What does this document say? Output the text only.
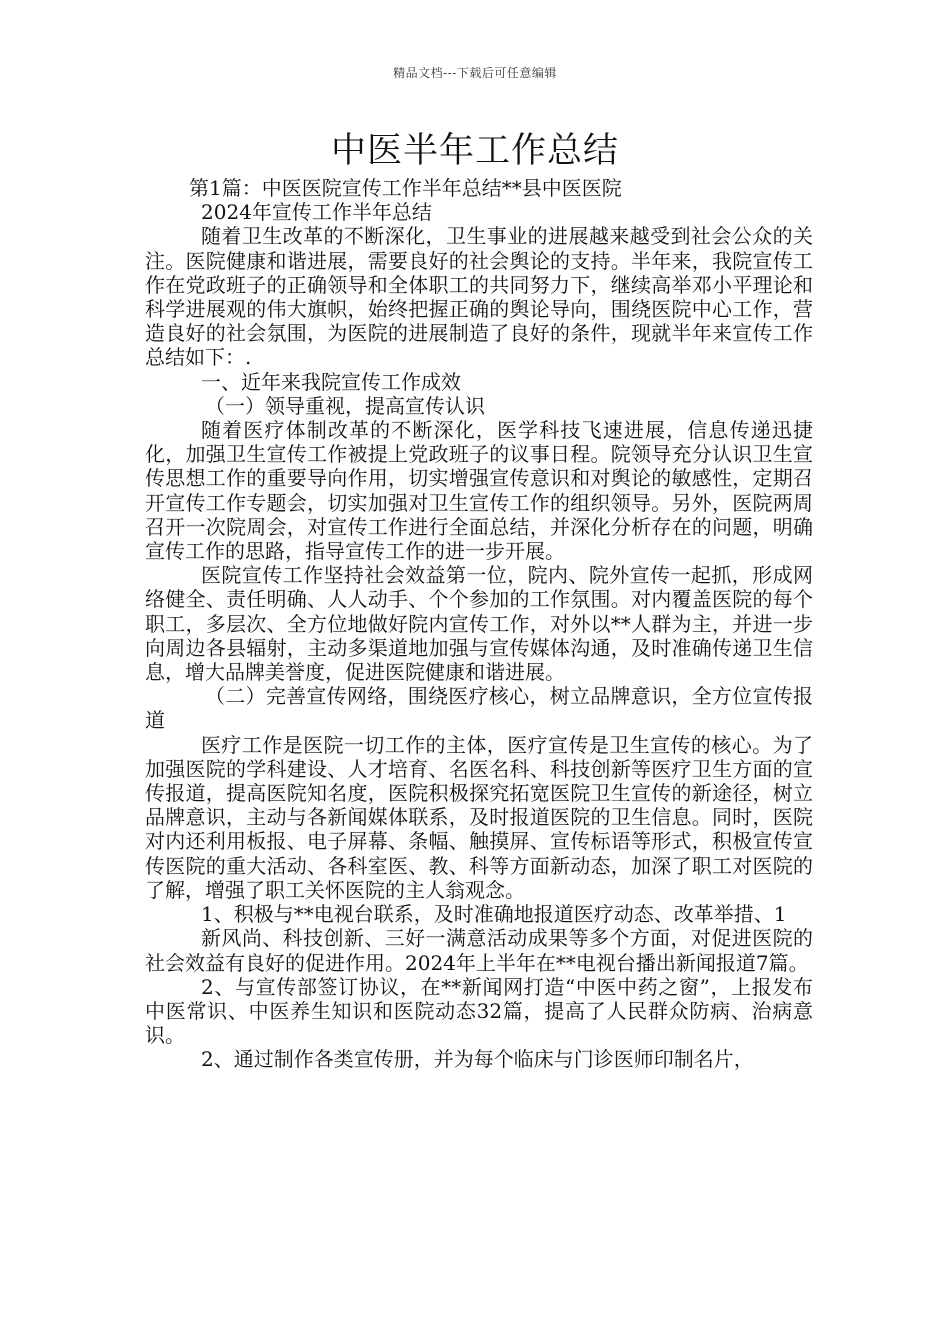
精品文档---下载后可任意编辑
中医半年工作总结

第1篇：中医医院宣传工作半年总结**县中医医院

2024年宣传工作半年总结

随着卫生改革的不断深化，卫生事业的进展越来越受到社会公众的关注。医院健康和谐进展，需要良好的社会舆论的支持。半年来，我院宣传工作在党政班子的正确领导和全体职工的共同努力下，继续高举邓小平理论和科学进展观的伟大旗帜，始终把握正确的舆论导向，围绕医院中心工作，营造良好的社会氛围，为医院的进展制造了良好的条件，现就半年来宣传工作总结如下：.

一、近年来我院宣传工作成效

（一）领导重视，提高宣传认识

随着医疗体制改革的不断深化，医学科技飞速进展，信息传递迅捷化，加强卫生宣传工作被提上党政班子的议事日程。院领导充分认识卫生宣传思想工作的重要导向作用，切实增强宣传意识和对舆论的敏感性，定期召开宣传工作专题会，切实加强对卫生宣传工作的组织领导。另外，医院两周召开一次院周会，对宣传工作进行全面总结，并深化分析存在的问题，明确宣传工作的思路，指导宣传工作的进一步开展。

医院宣传工作坚持社会效益第一位，院内、院外宣传一起抓，形成网络健全、责任明确、人人动手、个个参加的工作氛围。对内覆盖医院的每个职工，多层次、全方位地做好院内宣传工作，对外以**人群为主，并进一步向周边各县辐射，主动多渠道地加强与宣传媒体沟通，及时准确传递卫生信息，增大品牌美誉度，促进医院健康和谐进展。

（二）完善宣传网络，围绕医疗核心，树立品牌意识，全方位宣传报道

医疗工作是医院一切工作的主体，医疗宣传是卫生宣传的核心。为了加强医院的学科建设、人才培育、名医名科、科技创新等医疗卫生方面的宣传报道，提高医院知名度，医院积极探究拓宽医院卫生宣传的新途径，树立品牌意识，主动与各新闻媒体联系，及时报道医院的卫生信息。同时，医院对内还利用板报、电子屏幕、条幅、触摸屏、宣传标语等形式，积极宣传宣传医院的重大活动、各科室医、教、科等方面新动态，加深了职工对医院的了解，增强了职工关怀医院的主人翁观念。

1、积极与**电视台联系，及时准确地报道医疗动态、改革举措、1

新风尚、科技创新、三好一满意活动成果等多个方面，对促进医院的社会效益有良好的促进作用。2024年上半年在**电视台播出新闻报道7篇。

2、与宣传部签订协议，在**新闻网打造“中医中药之窗”，上报发布中医常识、中医养生知识和医院动态32篇，提高了人民群众防病、治病意识。

2、通过制作各类宣传册，并为每个临床与门诊医师印制名片，
